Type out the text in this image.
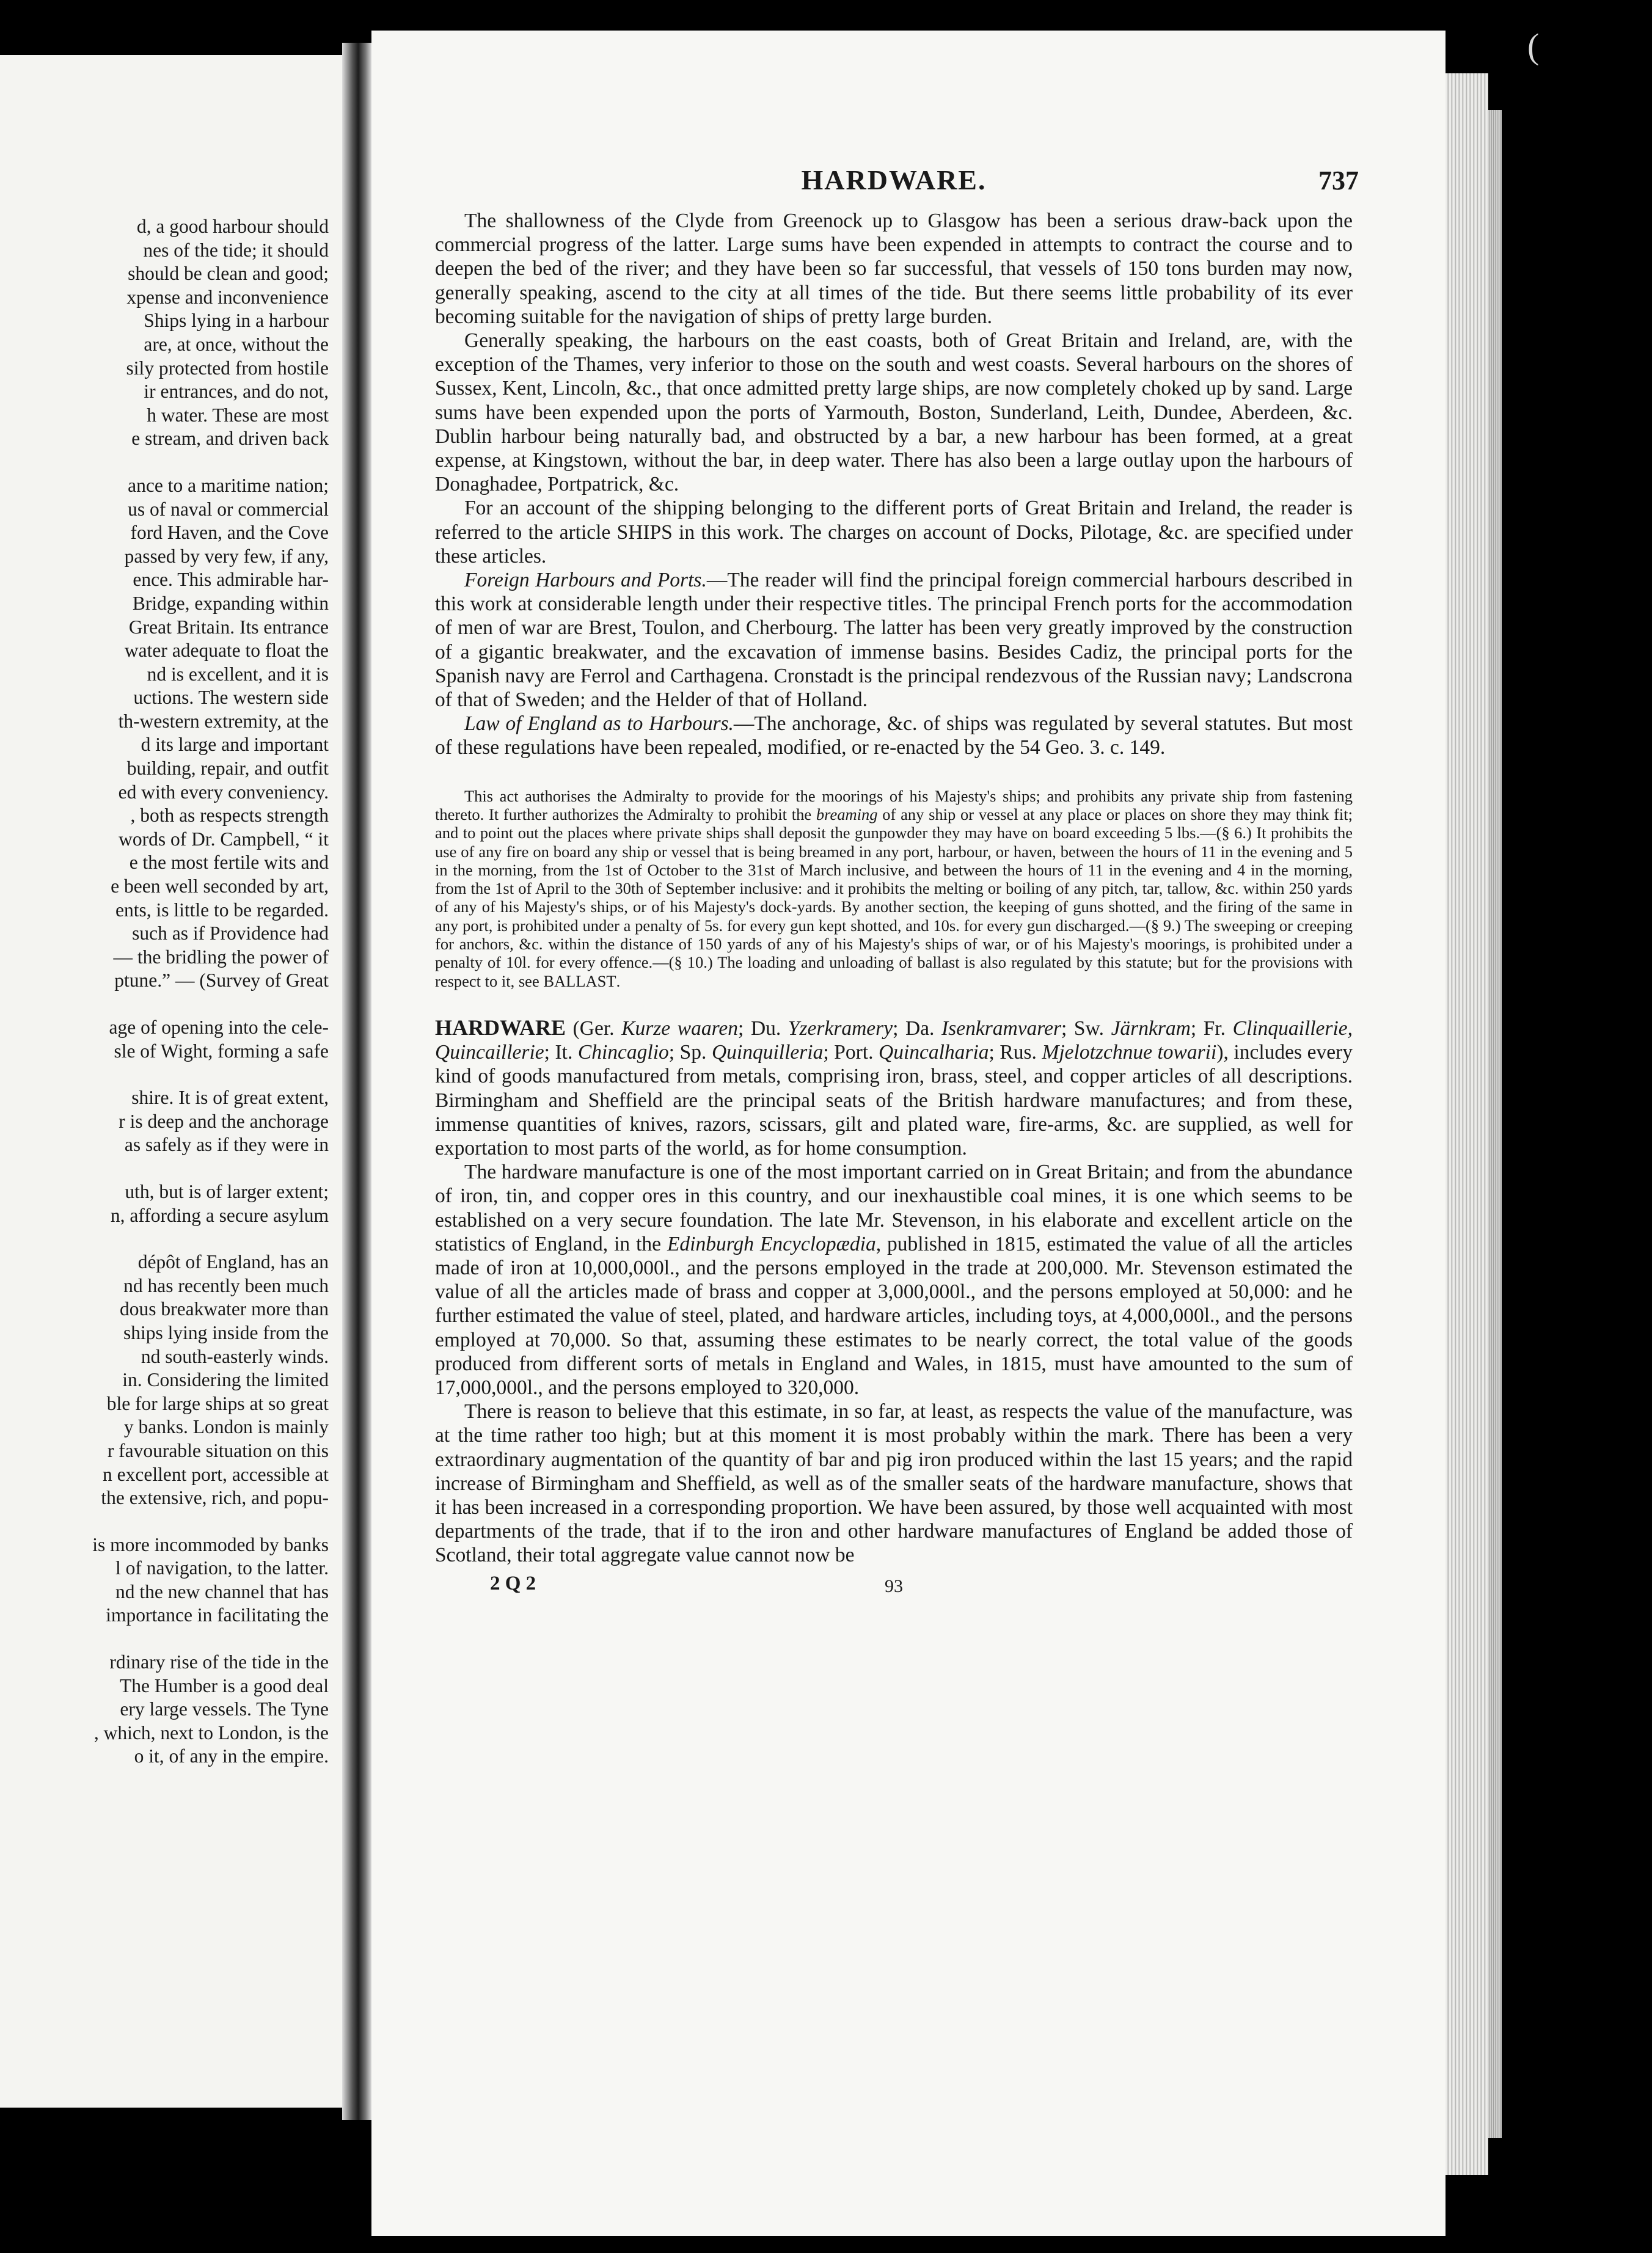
d, a good harbour should
nes of the tide; it should
should be clean and good;
xpense and inconvenience
Ships lying in a harbour
are, at once, without the
sily protected from hostile
ir entrances, and do not,
h water. These are most
e stream, and driven back
ance to a maritime nation;
us of naval or commercial
ford Haven, and the Cove
passed by very few, if any,
ence. This admirable har-
Bridge, expanding within
Great Britain. Its entrance
water adequate to float the
nd is excellent, and it is
uctions. The western side
th-western extremity, at the
d its large and important
building, repair, and outfit
ed with every conveniency.
, both as respects strength
words of Dr. Campbell, “ it
e the most fertile wits and
e been well seconded by art,
ents, is little to be regarded.
such as if Providence had
— the bridling the power of
ptune.” — (Survey of Great
age of opening into the cele-
sle of Wight, forming a safe
shire. It is of great extent,
r is deep and the anchorage
as safely as if they were in
uth, but is of larger extent;
n, affording a secure asylum
dépôt of England, has an
nd has recently been much
dous breakwater more than
ships lying inside from the
nd south-easterly winds.
in. Considering the limited
ble for large ships at so great
y banks. London is mainly
r favourable situation on this
n excellent port, accessible at
the extensive, rich, and popu-
is more incommoded by banks
l of navigation, to the latter.
nd the new channel that has
importance in facilitating the
rdinary rise of the tide in the
The Humber is a good deal
ery large vessels. The Tyne
, which, next to London, is the
o it, of any in the empire.
(
HARDWARE.	737

The shallowness of the Clyde from Greenock up to Glasgow has been a serious draw-back upon the commercial progress of the latter. Large sums have been expended in attempts to contract the course and to deepen the bed of the river; and they have been so far successful, that vessels of 150 tons burden may now, generally speaking, ascend to the city at all times of the tide. But there seems little probability of its ever becoming suitable for the navigation of ships of pretty large burden.

Generally speaking, the harbours on the east coasts, both of Great Britain and Ireland, are, with the exception of the Thames, very inferior to those on the south and west coasts. Several harbours on the shores of Sussex, Kent, Lincoln, &c., that once admitted pretty large ships, are now completely choked up by sand. Large sums have been expended upon the ports of Yarmouth, Boston, Sunderland, Leith, Dundee, Aberdeen, &c. Dublin harbour being naturally bad, and obstructed by a bar, a new harbour has been formed, at a great expense, at Kingstown, without the bar, in deep water. There has also been a large outlay upon the harbours of Donaghadee, Portpatrick, &c.

For an account of the shipping belonging to the different ports of Great Britain and Ireland, the reader is referred to the article SHIPS in this work. The charges on account of Docks, Pilotage, &c. are specified under these articles.

Foreign Harbours and Ports.—The reader will find the principal foreign commercial harbours described in this work at considerable length under their respective titles. The principal French ports for the accommodation of men of war are Brest, Toulon, and Cherbourg. The latter has been very greatly improved by the construction of a gigantic breakwater, and the excavation of immense basins. Besides Cadiz, the principal ports for the Spanish navy are Ferrol and Carthagena. Cronstadt is the principal rendezvous of the Russian navy; Landscrona of that of Sweden; and the Helder of that of Holland.

Law of England as to Harbours.—The anchorage, &c. of ships was regulated by several statutes. But most of these regulations have been repealed, modified, or re-enacted by the 54 Geo. 3. c. 149.

This act authorises the Admiralty to provide for the moorings of his Majesty's ships; and prohibits any private ship from fastening thereto. It further authorizes the Admiralty to prohibit the breaming of any ship or vessel at any place or places on shore they may think fit; and to point out the places where private ships shall deposit the gunpowder they may have on board exceeding 5 lbs.—(§ 6.) It prohibits the use of any fire on board any ship or vessel that is being breamed in any port, harbour, or haven, between the hours of 11 in the evening and 5 in the morning, from the 1st of October to the 31st of March inclusive, and between the hours of 11 in the evening and 4 in the morning, from the 1st of April to the 30th of September inclusive: and it prohibits the melting or boiling of any pitch, tar, tallow, &c. within 250 yards of any of his Majesty's ships, or of his Majesty's dock-yards. By another section, the keeping of guns shotted, and the firing of the same in any port, is prohibited under a penalty of 5s. for every gun kept shotted, and 10s. for every gun discharged.—(§ 9.) The sweeping or creeping for anchors, &c. within the distance of 150 yards of any of his Majesty's ships of war, or of his Majesty's moorings, is prohibited under a penalty of 10l. for every offence.—(§ 10.) The loading and unloading of ballast is also regulated by this statute; but for the provisions with respect to it, see BALLAST.

HARDWARE (Ger. Kurze waaren; Du. Yzerkramery; Da. Isenkramvarer; Sw. Järnkram; Fr. Clinquaillerie, Quincaillerie; It. Chincaglio; Sp. Quinquilleria; Port. Quincalharia; Rus. Mjelotzchnue towarii), includes every kind of goods manufactured from metals, comprising iron, brass, steel, and copper articles of all descriptions. Birmingham and Sheffield are the principal seats of the British hardware manufactures; and from these, immense quantities of knives, razors, scissars, gilt and plated ware, fire-arms, &c. are supplied, as well for exportation to most parts of the world, as for home consumption.

The hardware manufacture is one of the most important carried on in Great Britain; and from the abundance of iron, tin, and copper ores in this country, and our inexhaustible coal mines, it is one which seems to be established on a very secure foundation. The late Mr. Stevenson, in his elaborate and excellent article on the statistics of England, in the Edinburgh Encyclopædia, published in 1815, estimated the value of all the articles made of iron at 10,000,000l., and the persons employed in the trade at 200,000. Mr. Stevenson estimated the value of all the articles made of brass and copper at 3,000,000l., and the persons employed at 50,000: and he further estimated the value of steel, plated, and hardware articles, including toys, at 4,000,000l., and the persons employed at 70,000. So that, assuming these estimates to be nearly correct, the total value of the goods produced from different sorts of metals in England and Wales, in 1815, must have amounted to the sum of 17,000,000l., and the persons employed to 320,000.

There is reason to believe that this estimate, in so far, at least, as respects the value of the manufacture, was at the time rather too high; but at this moment it is most probably within the mark. There has been a very extraordinary augmentation of the quantity of bar and pig iron produced within the last 15 years; and the rapid increase of Birmingham and Sheffield, as well as of the smaller seats of the hardware manufacture, shows that it has been increased in a corresponding proportion. We have been assured, by those well acquainted with most departments of the trade, that if to the iron and other hardware manufactures of England be added those of Scotland, their total aggregate value cannot now be

2 Q 2	93
